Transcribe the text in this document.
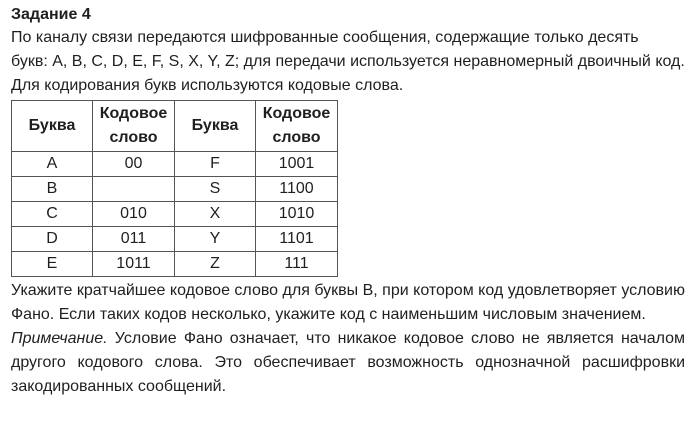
Задание 4

По каналу связи передаются шифрованные сообщения, содержащие только десять
букв: A, B, C, D, E, F, S, X, Y, Z; для передачи используется неравномерный двоичный код.
Для кодирования букв используются кодовые слова.

Буква	Кодовое слово	Буква	Кодовое слово
A	00	F	1001
B		S	1100
C	010	X	1010
D	011	Y	1101
E	1011	Z	111

Укажите кратчайшее кодовое слово для буквы B, при котором код удовлетворяет условию Фано. Если таких кодов несколько, укажите код с наименьшим числовым значением.

Примечание. Условие Фано означает, что никакое кодовое слово не является началом другого кодового слова. Это обеспечивает возможность однозначной расшифровки закодированных сообщений.
